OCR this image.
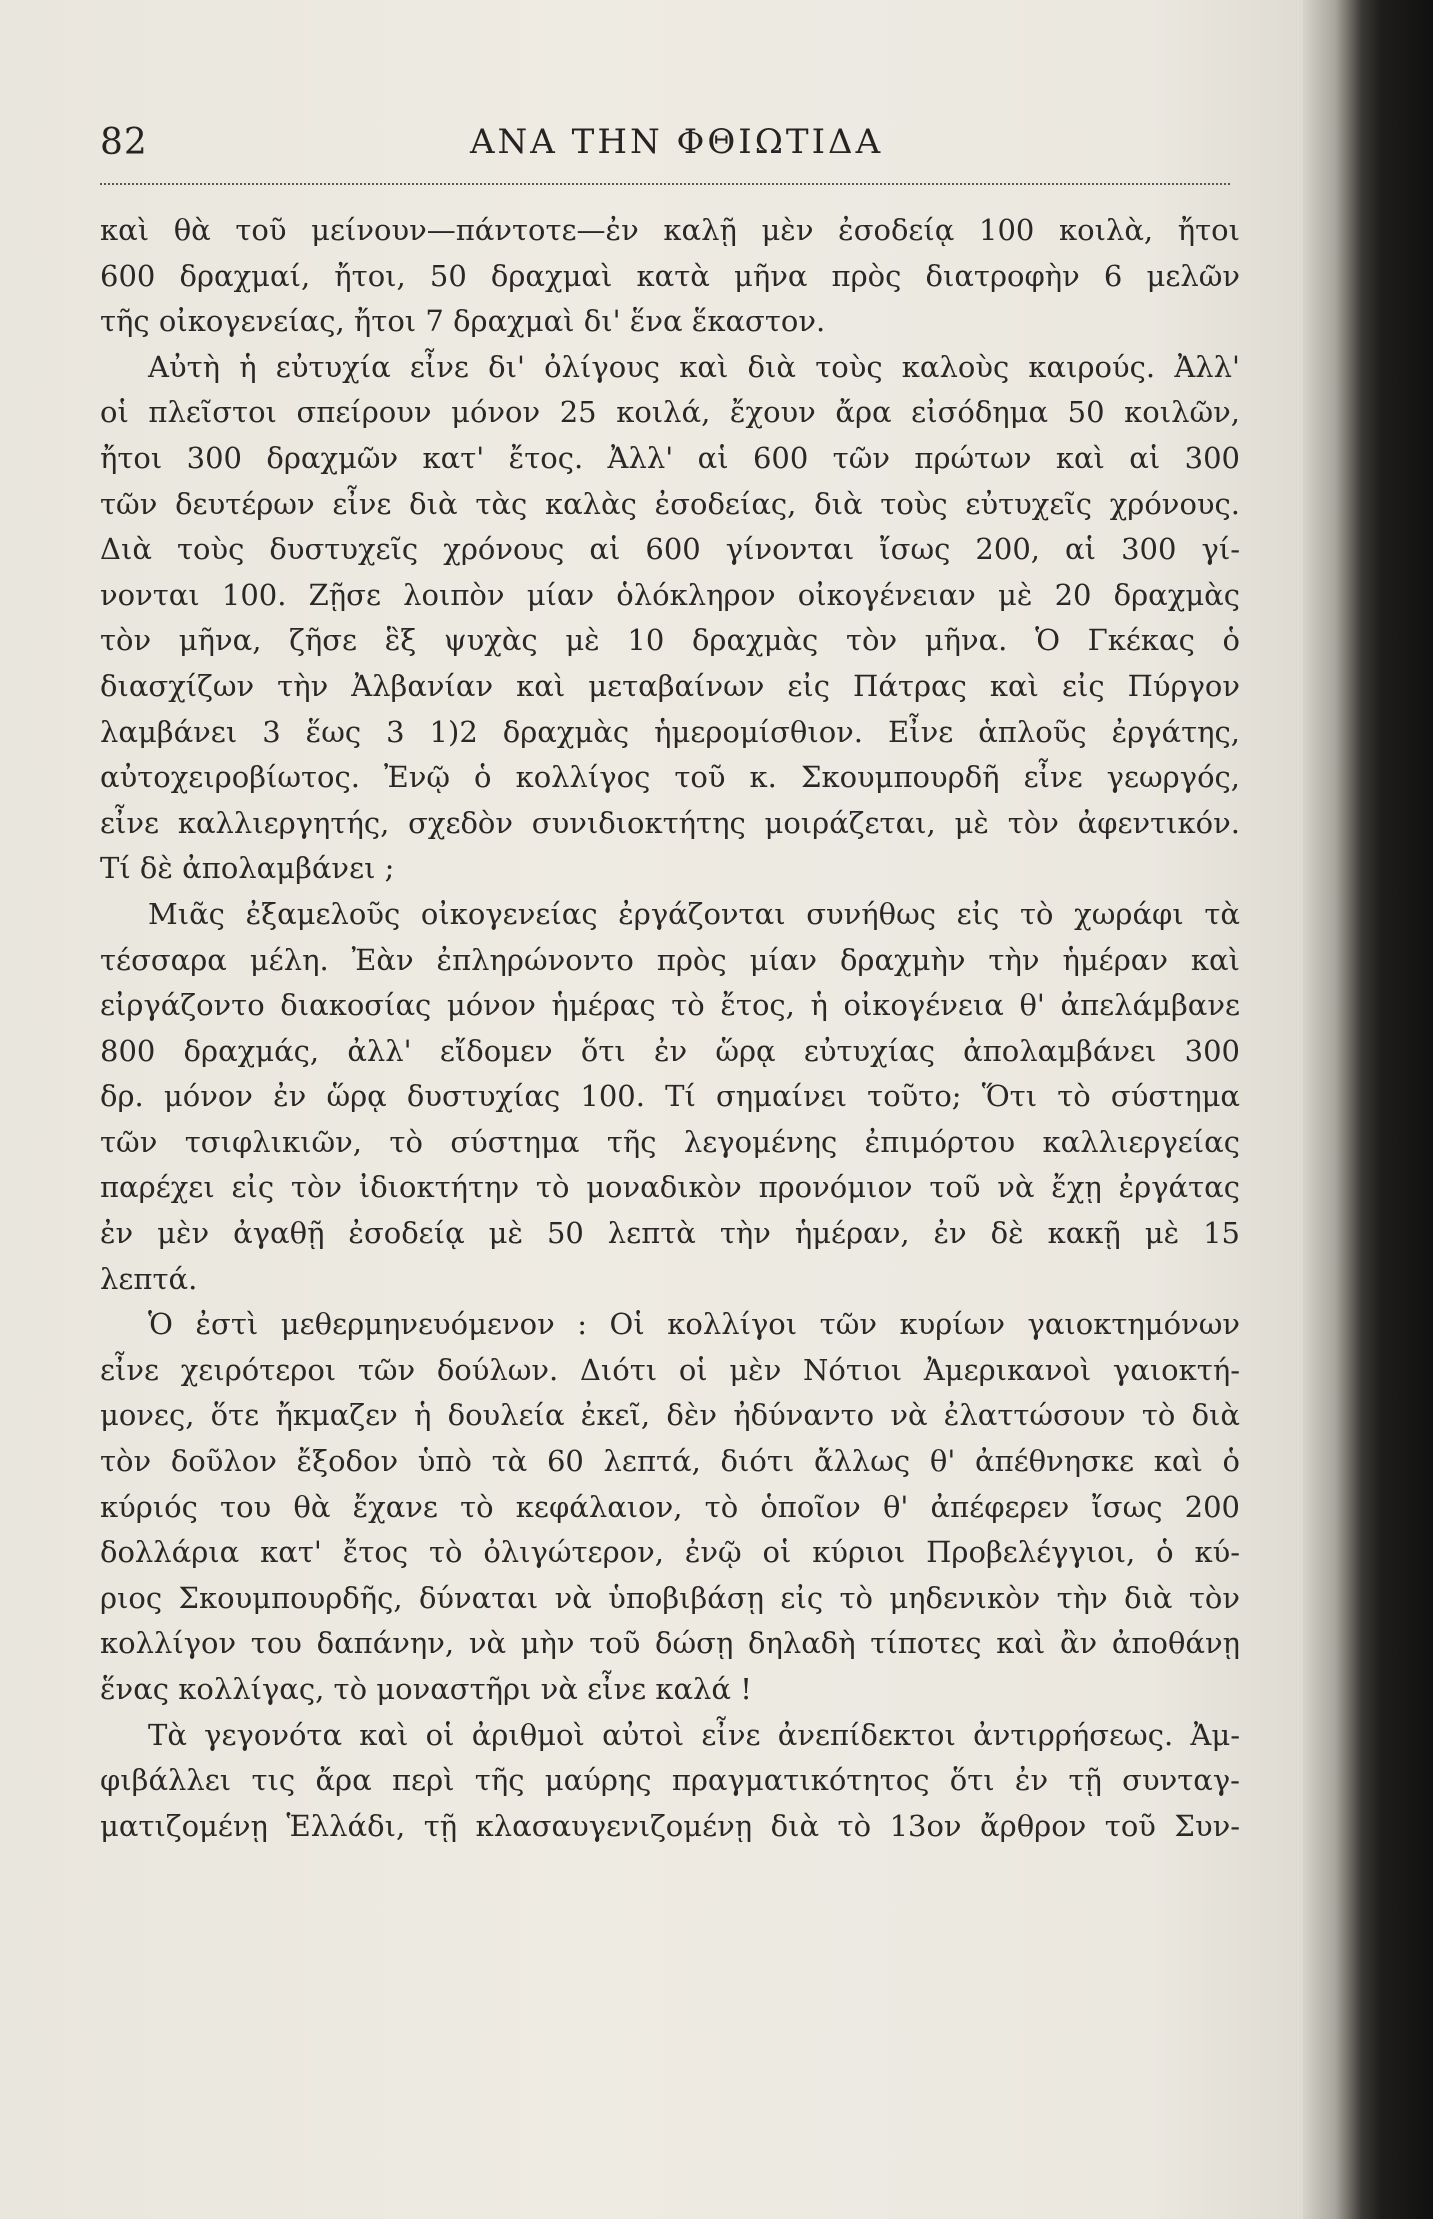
82	ΑΝΑ ΤΗΝ ΦΘΙΩΤΙΔΑ
καὶ θὰ τοῦ μείνουν—πάντοτε—ἐν καλῇ μὲν ἐσοδείᾳ 100 κοιλὰ, ἤτοι
600 δραχμαί, ἤτοι, 50 δραχμαὶ κατὰ μῆνα πρὸς διατροφὴν 6 μελῶν
τῆς οἰκογενείας, ἤτοι 7 δραχμαὶ δι' ἕνα ἕκαστον.
Αὐτὴ ἡ εὐτυχία εἶνε δι' ὀλίγους καὶ διὰ τοὺς καλοὺς καιρούς. Ἀλλ'
οἱ πλεῖστοι σπείρουν μόνον 25 κοιλά, ἔχουν ἄρα εἰσόδημα 50 κοιλῶν,
ἤτοι 300 δραχμῶν κατ' ἔτος. Ἀλλ' αἱ 600 τῶν πρώτων καὶ αἱ 300
τῶν δευτέρων εἶνε διὰ τὰς καλὰς ἐσοδείας, διὰ τοὺς εὐτυχεῖς χρόνους.
Διὰ τοὺς δυστυχεῖς χρόνους αἱ 600 γίνονται ἴσως 200, αἱ 300 γί-
νονται 100. Ζῇσε λοιπὸν μίαν ὁλόκληρον οἰκογένειαν μὲ 20 δραχμὰς
τὸν μῆνα, ζῆσε ἓξ ψυχὰς μὲ 10 δραχμὰς τὸν μῆνα. Ὁ Γκέκας ὁ
διασχίζων τὴν Ἀλβανίαν καὶ μεταβαίνων εἰς Πάτρας καὶ εἰς Πύργον
λαμβάνει 3 ἕως 3 1)2 δραχμὰς ἡμερομίσθιον. Εἶνε ἁπλοῦς ἐργάτης,
αὐτοχειροβίωτος. Ἐνῷ ὁ κολλίγος τοῦ κ. Σκουμπουρδῆ εἶνε γεωργός,
εἶνε καλλιεργητής, σχεδὸν συνιδιοκτήτης μοιράζεται, μὲ τὸν ἀφεντικόν.
Τί δὲ ἀπολαμβάνει ;
Μιᾶς ἐξαμελοῦς οἰκογενείας ἐργάζονται συνήθως εἰς τὸ χωράφι τὰ
τέσσαρα μέλη. Ἐὰν ἐπληρώνοντο πρὸς μίαν δραχμὴν τὴν ἡμέραν καὶ
εἰργάζοντο διακοσίας μόνον ἡμέρας τὸ ἔτος, ἡ οἰκογένεια θ' ἀπελάμβανε
800 δραχμάς, ἀλλ' εἴδομεν ὅτι ἐν ὥρᾳ εὐτυχίας ἀπολαμβάνει 300
δρ. μόνον ἐν ὥρᾳ δυστυχίας 100. Τί σημαίνει τοῦτο; Ὅτι τὸ σύστημα
τῶν τσιφλικιῶν, τὸ σύστημα τῆς λεγομένης ἐπιμόρτου καλλιεργείας
παρέχει εἰς τὸν ἰδιοκτήτην τὸ μοναδικὸν προνόμιον τοῦ νὰ ἔχῃ ἐργάτας
ἐν μὲν ἀγαθῇ ἐσοδείᾳ μὲ 50 λεπτὰ τὴν ἡμέραν, ἐν δὲ κακῇ μὲ 15
λεπτά.
Ὁ ἐστὶ μεθερμηνευόμενον : Οἱ κολλίγοι τῶν κυρίων γαιοκτημόνων
εἶνε χειρότεροι τῶν δούλων. Διότι οἱ μὲν Νότιοι Ἀμερικανοὶ γαιοκτή-
μονες, ὅτε ἤκμαζεν ἡ δουλεία ἐκεῖ, δὲν ἠδύναντο νὰ ἐλαττώσουν τὸ διὰ
τὸν δοῦλον ἔξοδον ὑπὸ τὰ 60 λεπτά, διότι ἄλλως θ' ἀπέθνησκε καὶ ὁ
κύριός του θὰ ἔχανε τὸ κεφάλαιον, τὸ ὁποῖον θ' ἀπέφερεν ἴσως 200
δολλάρια κατ' ἔτος τὸ ὀλιγώτερον, ἐνῷ οἱ κύριοι Προβελέγγιοι, ὁ κύ-
ριος Σκουμπουρδῆς, δύναται νὰ ὑποβιβάσῃ εἰς τὸ μηδενικὸν τὴν διὰ τὸν
κολλίγον του δαπάνην, νὰ μὴν τοῦ δώσῃ δηλαδὴ τίποτες καὶ ἂν ἀποθάνῃ
ἕνας κολλίγας, τὸ μοναστῆρι νὰ εἶνε καλά !
Τὰ γεγονότα καὶ οἱ ἀριθμοὶ αὐτοὶ εἶνε ἀνεπίδεκτοι ἀντιρρήσεως. Ἀμ-
φιβάλλει τις ἄρα περὶ τῆς μαύρης πραγματικότητος ὅτι ἐν τῇ συνταγ-
ματιζομένῃ Ἑλλάδι, τῇ κλασαυγενιζομένῃ διὰ τὸ 13ον ἄρθρον τοῦ Συν-
